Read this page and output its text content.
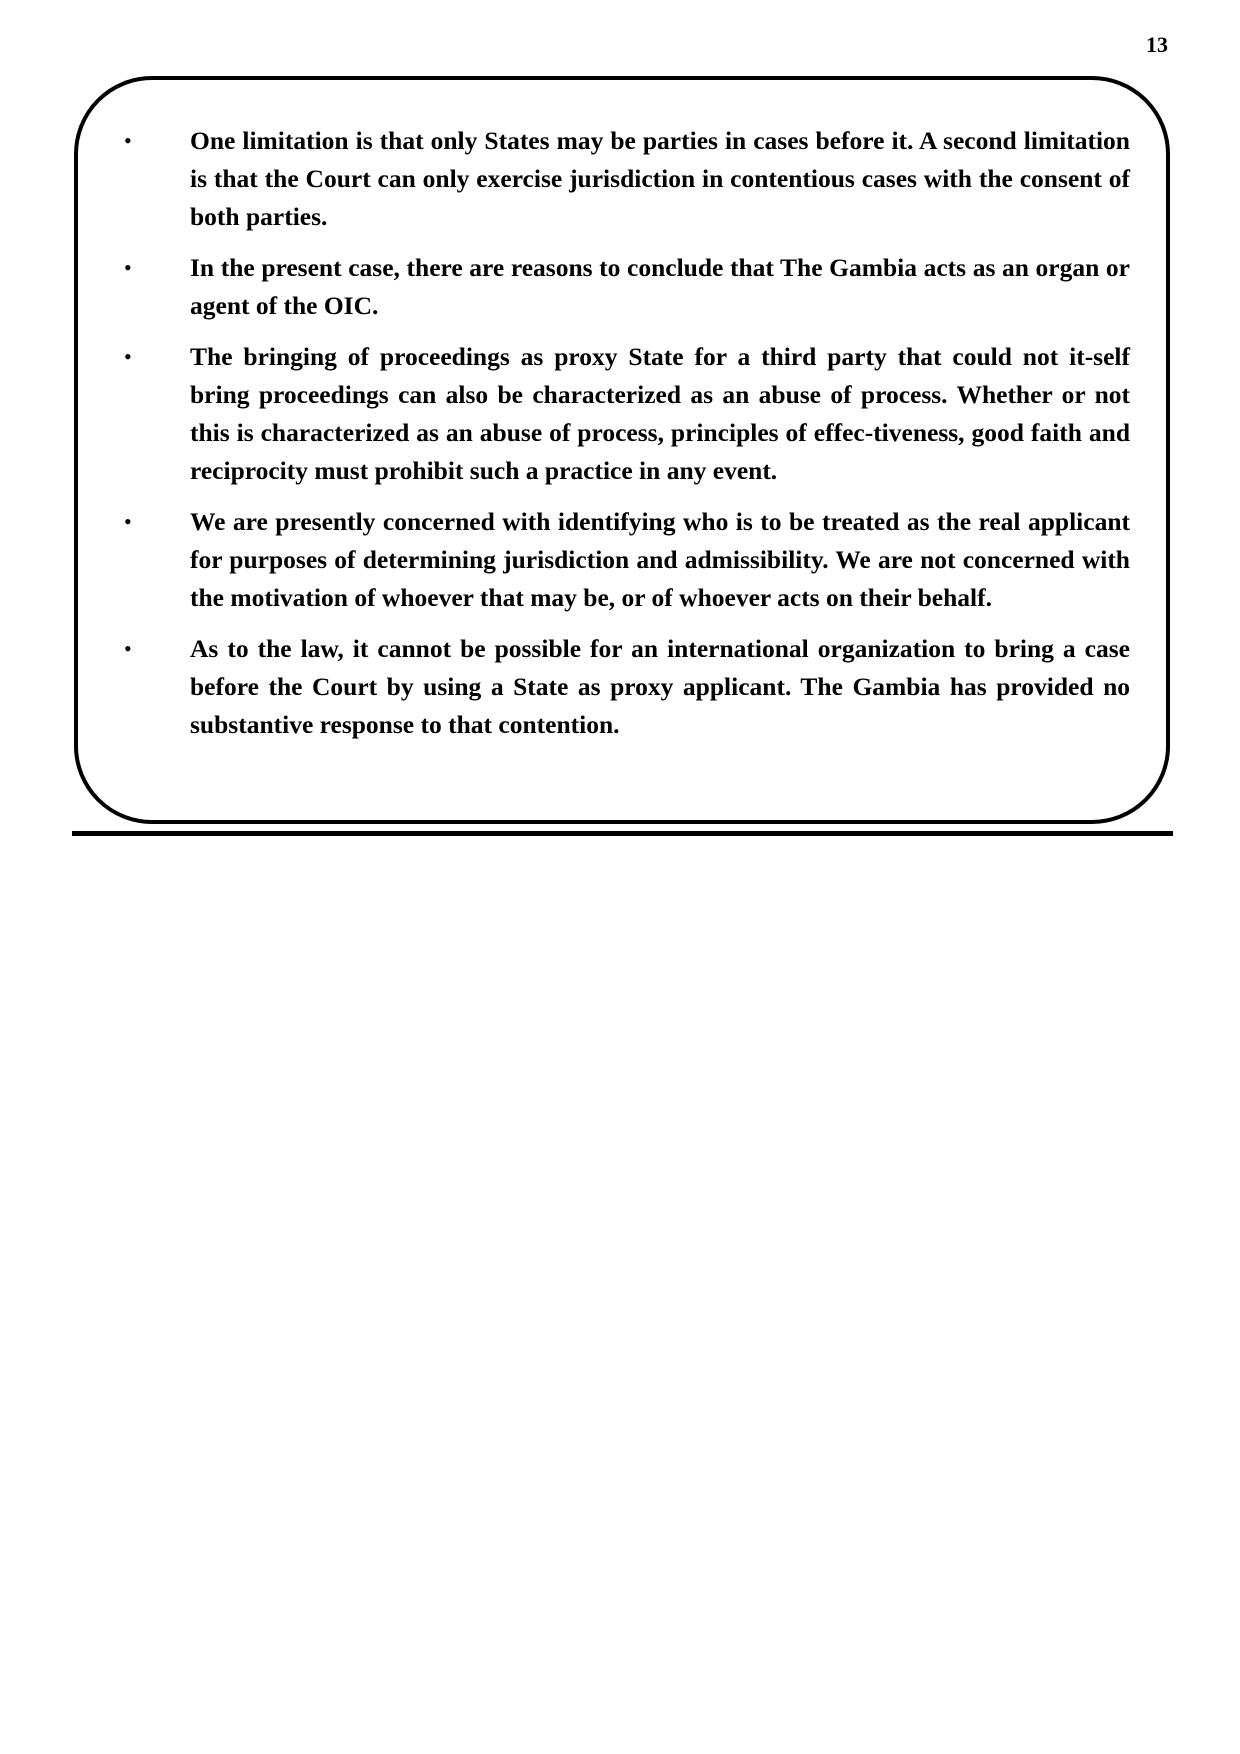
13
• One limitation is that only States may be parties in cases before it. A second limitation is that the Court can only exercise jurisdiction in contentious cases with the consent of both parties.
• In the present case, there are reasons to conclude that The Gambia acts as an organ or agent of the OIC.
• The bringing of proceedings as proxy State for a third party that could not it-self bring proceedings can also be characterized as an abuse of process. Whether or not this is characterized as an abuse of process, principles of effec-tiveness, good faith and reciprocity must prohibit such a practice in any event.
• We are presently concerned with identifying who is to be treated as the real applicant for purposes of determining jurisdiction and admissibility. We are not concerned with the motivation of whoever that may be, or of whoever acts on their behalf.
• As to the law, it cannot be possible for an international organization to bring a case before the Court by using a State as proxy applicant. The Gambia has provided no substantive response to that contention.
